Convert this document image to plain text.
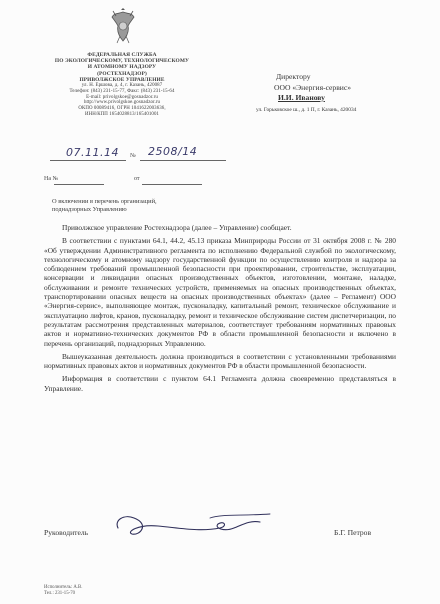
ФЕДЕРАЛЬНАЯ СЛУЖБА
ПО ЭКОЛОГИЧЕСКОМУ, ТЕХНОЛОГИЧЕСКОМУ
И АТОМНОМУ НАДЗОРУ
(РОСТЕХНАДЗОР)
ПРИВОЛЖСКОЕ УПРАВЛЕНИЕ
ул. Н. Ершова, д. 4, г. Казань, 420087
Телефон: (843) 231-15-77, Факс: (843) 231-15-64
E-mail: privolgskoe@gosnadzor.ru
http://www.privolgskoe.gosnadzor.ru
ОКПО 00089416, ОГРН 1041622003636,
ИНН/КПП 1654028813/165401001
Директору
ООО «Энергия-сервис»
И.И. Иванову
ул. Горьковское ш., д. 1 П, г. Казань, 420034
07.11.14 № 2508/14
На №	от
О включении в перечень организаций,
поднадзорных Управлению

Приволжское управление Ростехнадзора (далее – Управление) сообщает.

В соответствии с пунктами 64.1, 44.2, 45.13 приказа Минприроды России от 31 октября 2008 г. № 280 «Об утверждении Административного регламента по исполнению Федеральной службой по экологическому, технологическому и атомному надзору государственной функции по осуществлению контроля и надзора за соблюдением требований промышленной безопасности при проектировании, строительстве, эксплуатации, консервации и ликвидации опасных производственных объектов, изготовлении, монтаже, наладке, обслуживании и ремонте технических устройств, применяемых на опасных производственных объектах, транспортировании опасных веществ на опасных производственных объектах» (далее – Регламент) ООО «Энергия-сервис», выполняющее монтаж, пусконаладку, капитальный ремонт, техническое обслуживание и эксплуатацию лифтов, кранов, пусконаладку, ремонт и техническое обслуживание систем диспетчеризации, по результатам рассмотрения представленных материалов, соответствует требованиям нормативных правовых актов и нормативно-технических документов РФ в области промышленной безопасности и включено в перечень организаций, поднадзорных Управлению.

Вышеуказанная деятельность должна производиться в соответствии с установленными требованиями нормативных правовых актов и нормативных документов РФ в области промышленной безопасности.

Информация в соответствии с пунктом 64.1 Регламента должна своевременно представляться в Управление.

Руководитель	Б.Г. Петров
Исполнитель: А.В.
Тел.: 231-15-70
